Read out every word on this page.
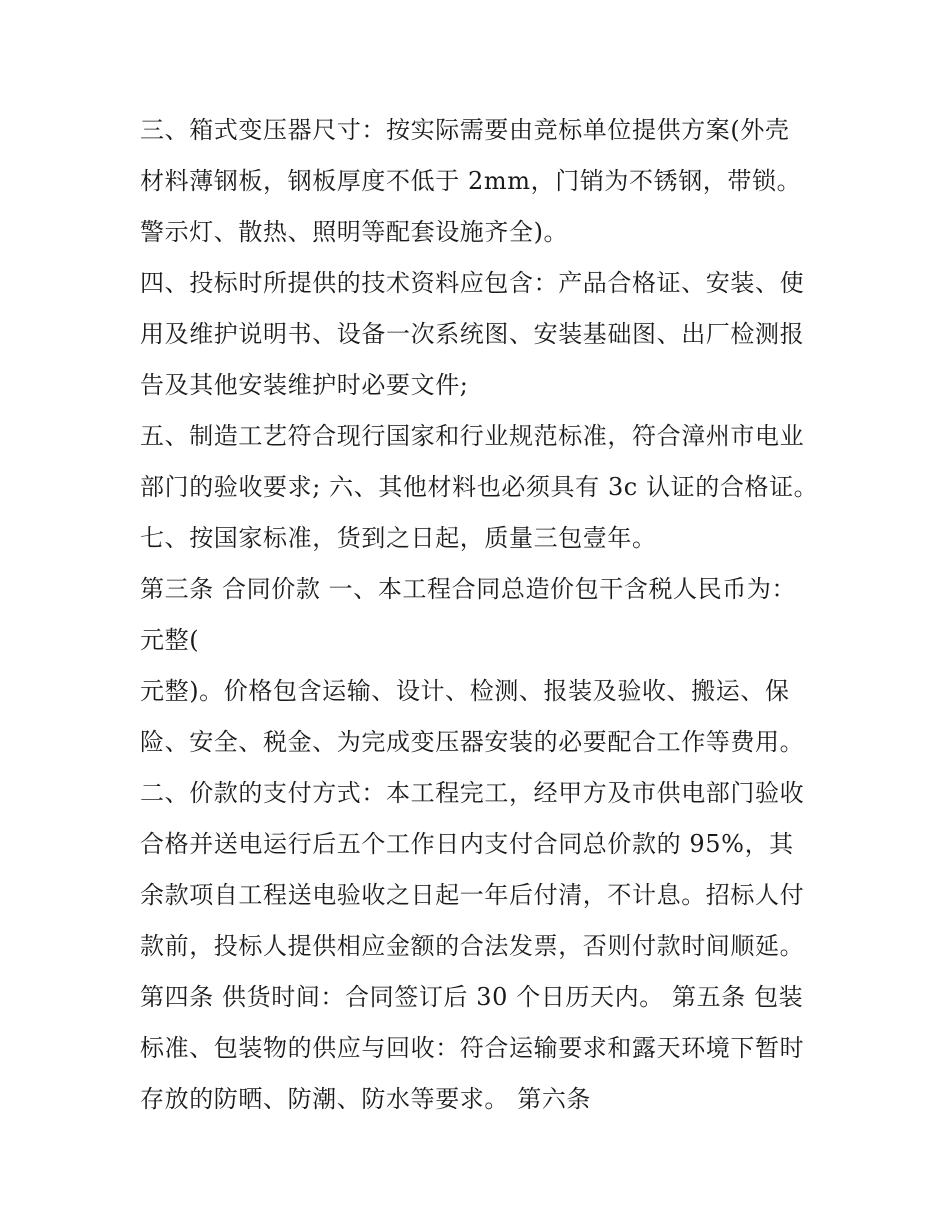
三、箱式变压器尺寸：按实际需要由竞标单位提供方案(外壳
材料薄钢板，钢板厚度不低于 2mm，门销为不锈钢，带锁。
警示灯、散热、照明等配套设施齐全)。
四、投标时所提供的技术资料应包含：产品合格证、安装、使
用及维护说明书、设备一次系统图、安装基础图、出厂检测报
告及其他安装维护时必要文件;
五、制造工艺符合现行国家和行业规范标准，符合漳州市电业
部门的验收要求; 六、其他材料也必须具有 3c 认证的合格证。
七、按国家标准，货到之日起，质量三包壹年。
第三条 合同价款 一、本工程合同总造价包干含税人民币为：
元整(
元整)。价格包含运输、设计、检测、报装及验收、搬运、保
险、安全、税金、为完成变压器安装的必要配合工作等费用。
二、价款的支付方式：本工程完工，经甲方及市供电部门验收
合格并送电运行后五个工作日内支付合同总价款的 95%，其
余款项自工程送电验收之日起一年后付清，不计息。招标人付
款前，投标人提供相应金额的合法发票，否则付款时间顺延。
第四条 供货时间：合同签订后 30 个日历天内。 第五条 包装
标准、包装物的供应与回收：符合运输要求和露天环境下暂时
存放的防晒、防潮、防水等要求。 第六条
